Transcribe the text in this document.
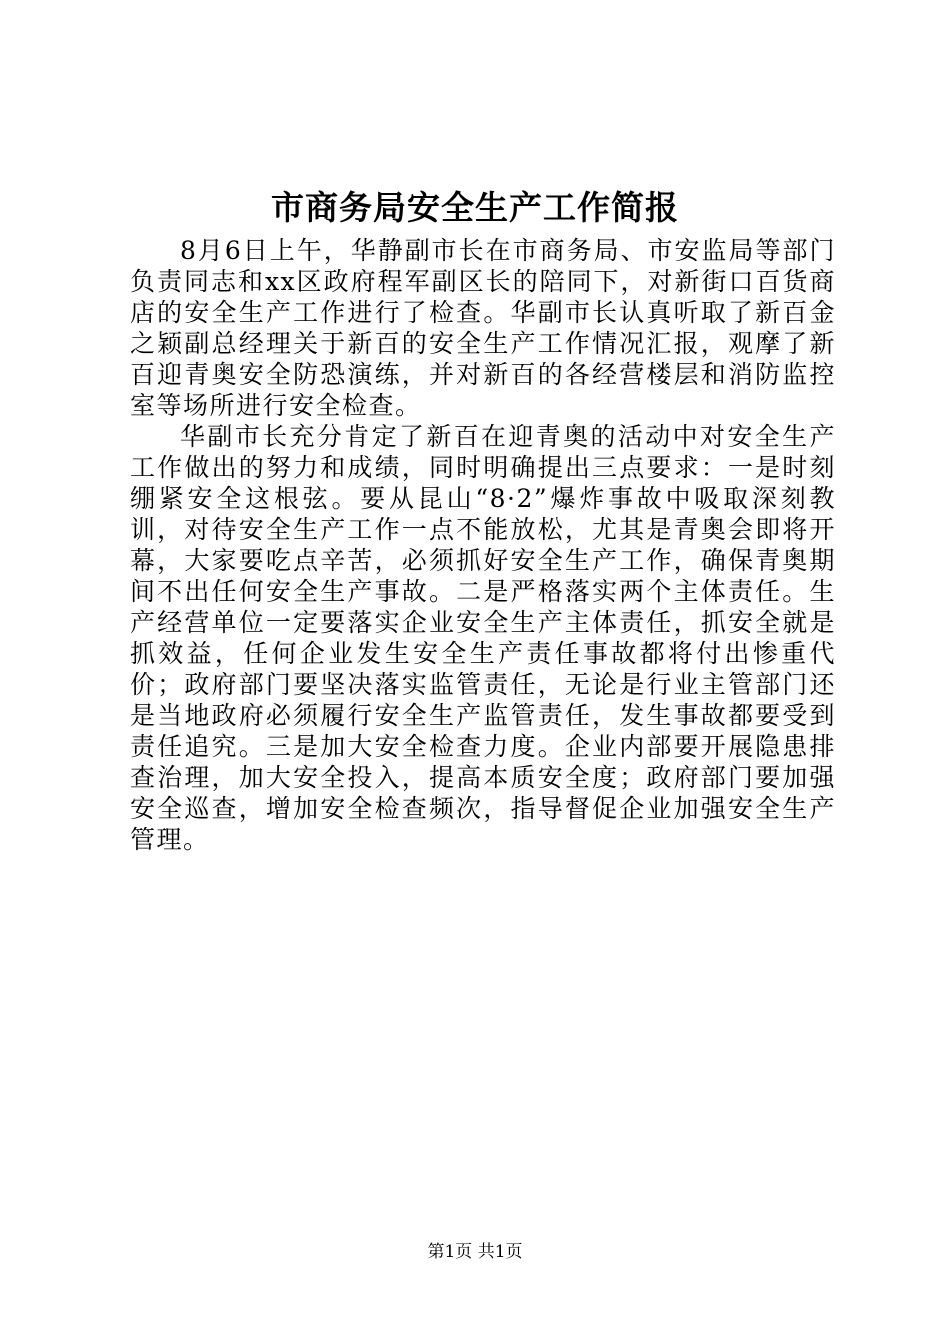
市商务局安全生产工作简报

8月6日上午，华静副市长在市商务局、市安监局等部门负责同志和xx区政府程军副区长的陪同下，对新街口百货商店的安全生产工作进行了检查。华副市长认真听取了新百金之颖副总经理关于新百的安全生产工作情况汇报，观摩了新百迎青奥安全防恐演练，并对新百的各经营楼层和消防监控室等场所进行安全检查。

华副市长充分肯定了新百在迎青奥的活动中对安全生产工作做出的努力和成绩，同时明确提出三点要求：一是时刻绷紧安全这根弦。要从昆山“8·2”爆炸事故中吸取深刻教训，对待安全生产工作一点不能放松，尤其是青奥会即将开幕，大家要吃点辛苦，必须抓好安全生产工作，确保青奥期间不出任何安全生产事故。二是严格落实两个主体责任。生产经营单位一定要落实企业安全生产主体责任，抓安全就是抓效益，任何企业发生安全生产责任事故都将付出惨重代价；政府部门要坚决落实监管责任，无论是行业主管部门还是当地政府必须履行安全生产监管责任，发生事故都要受到责任追究。三是加大安全检查力度。企业内部要开展隐患排查治理，加大安全投入，提高本质安全度；政府部门要加强安全巡查，增加安全检查频次，指导督促企业加强安全生产管理。

第1页 共1页
